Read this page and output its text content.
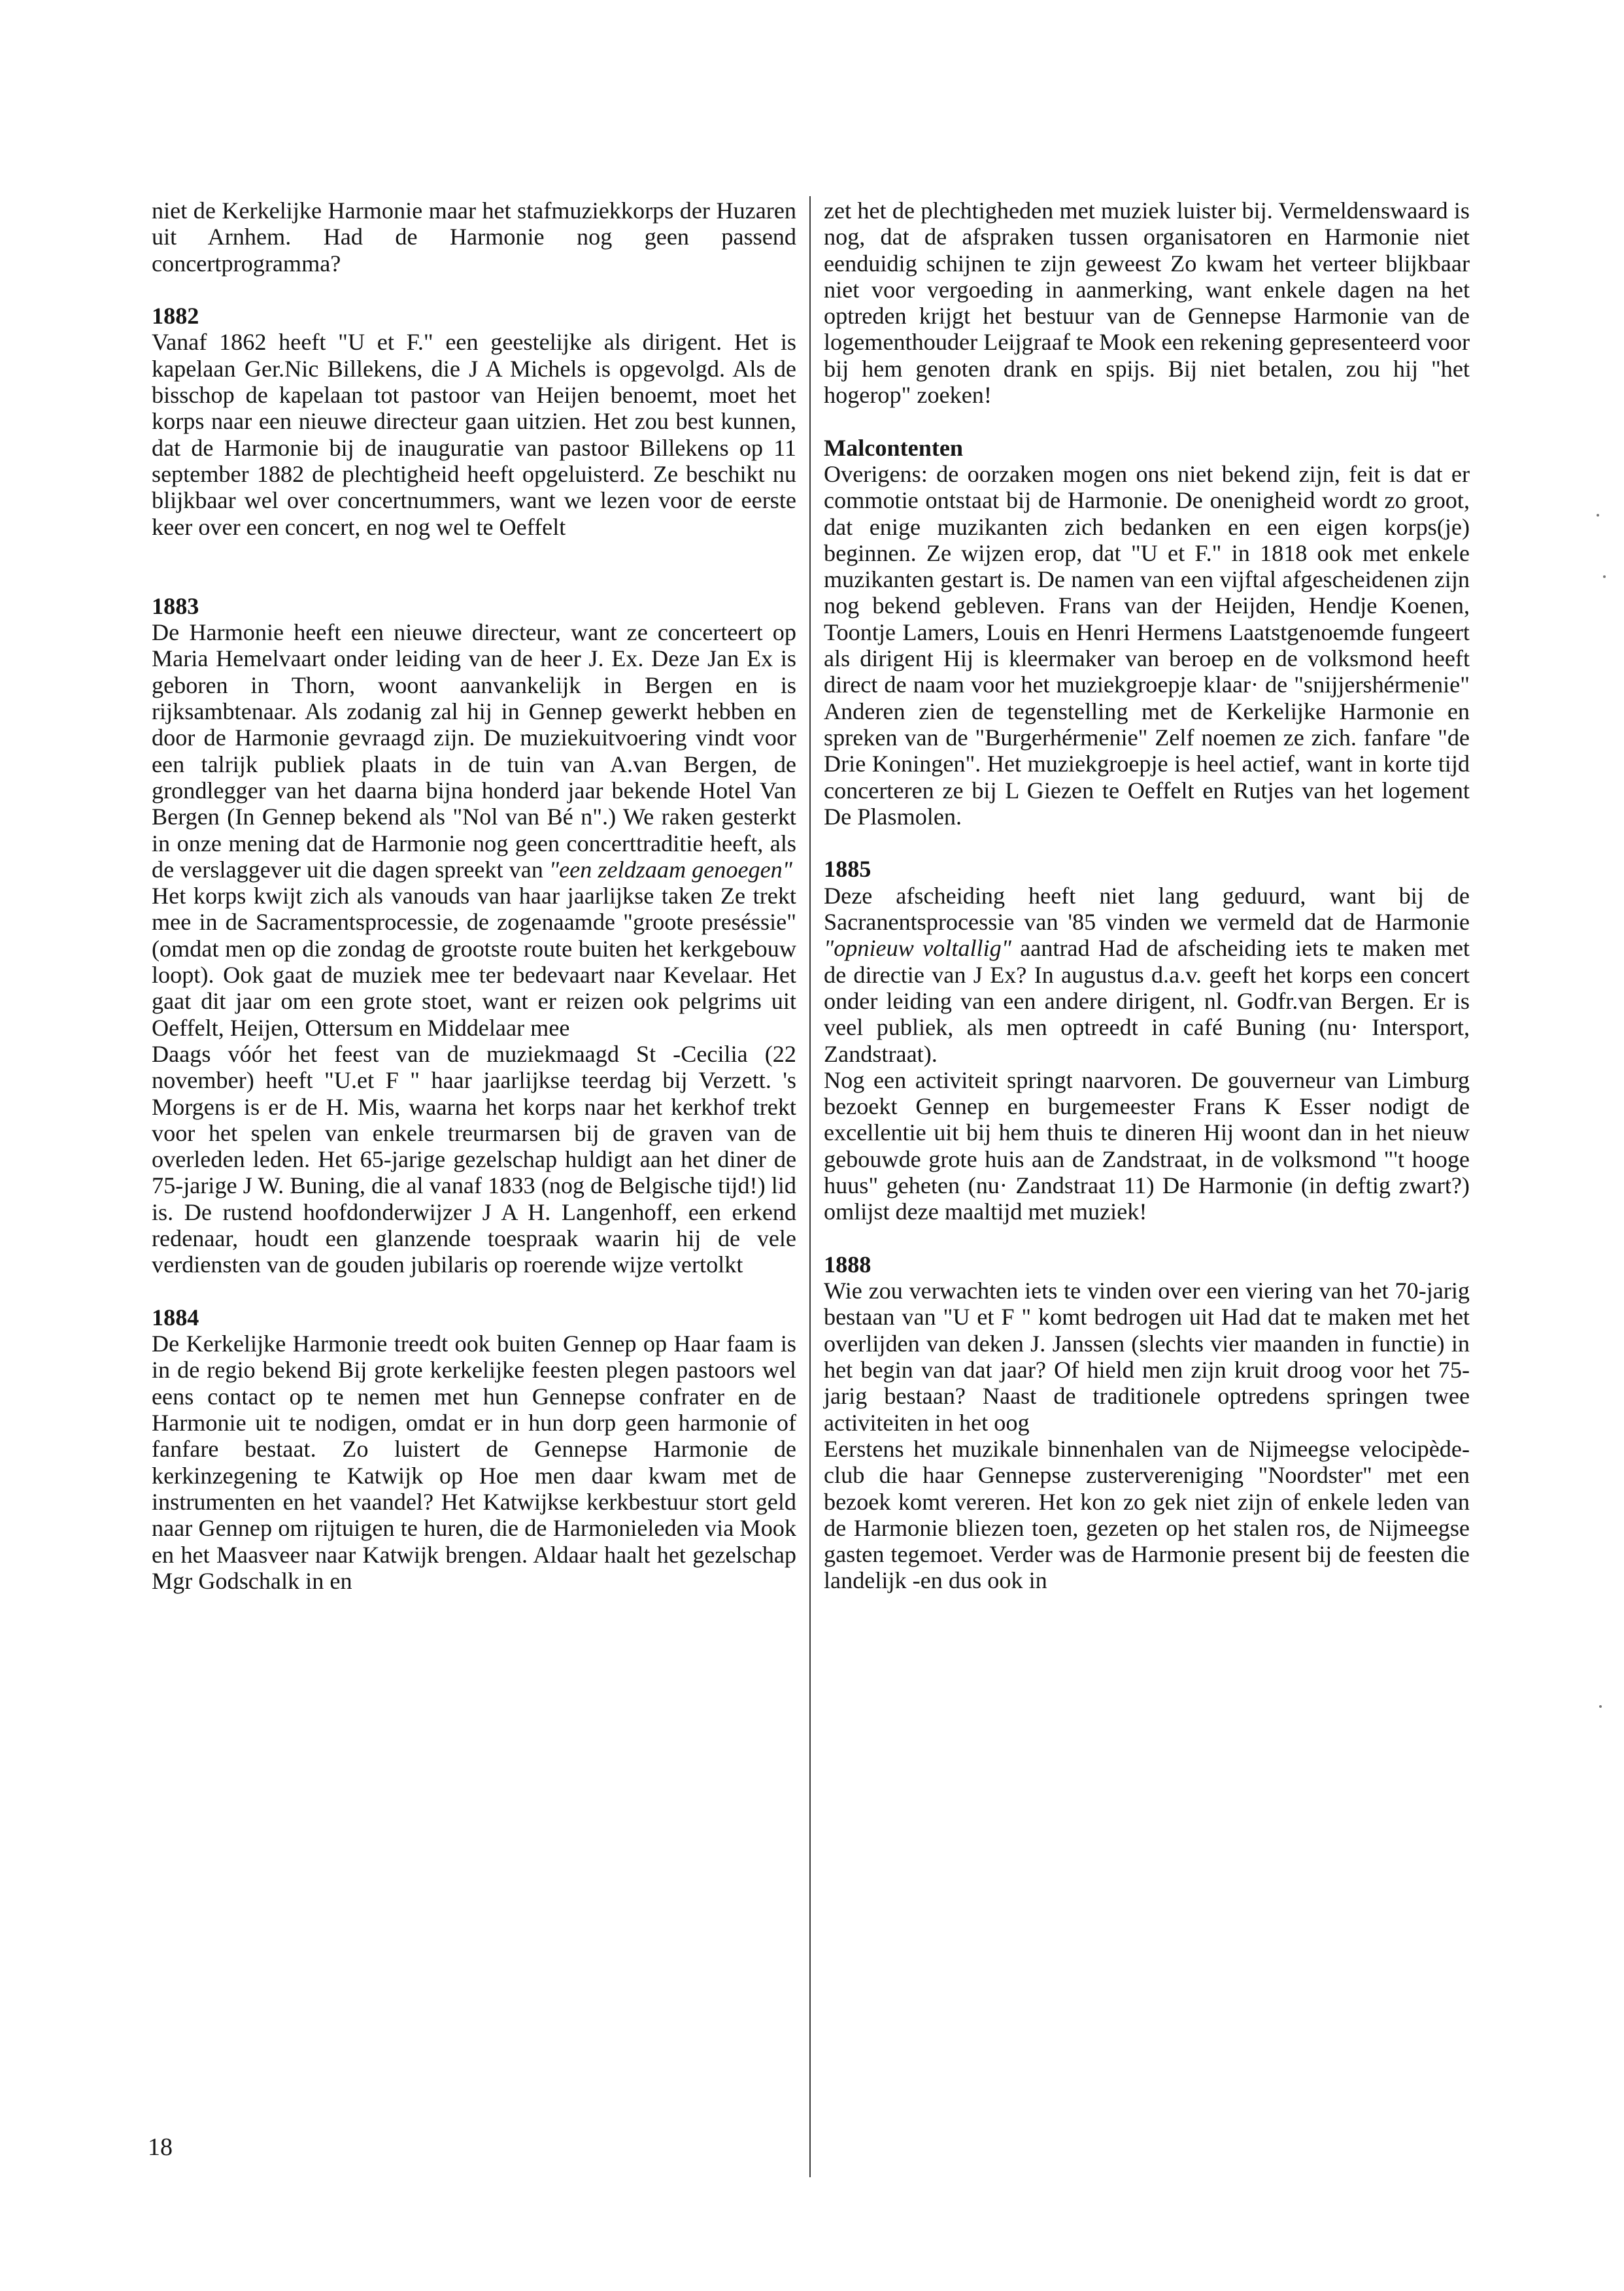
niet de Kerkelijke Harmonie maar het stafmuziekkorps der Huzaren uit Arnhem. Had de Harmonie nog geen passend concertprogramma?

1882

Vanaf 1862 heeft "U et F." een geestelijke als dirigent. Het is kapelaan Ger.Nic Billekens, die J A Michels is opgevolgd. Als de bisschop de kapelaan tot pastoor van Heijen benoemt, moet het korps naar een nieuwe directeur gaan uitzien. Het zou best kunnen, dat de Harmonie bij de inauguratie van pastoor Billekens op 11 september 1882 de plechtigheid heeft opgeluisterd. Ze beschikt nu blijkbaar wel over concertnummers, want we lezen voor de eerste keer over een concert, en nog wel te Oeffelt

1883

De Harmonie heeft een nieuwe directeur, want ze concerteert op Maria Hemelvaart onder leiding van de heer J. Ex. Deze Jan Ex is geboren in Thorn, woont aanvankelijk in Bergen en is rijksambtenaar. Als zodanig zal hij in Gennep gewerkt hebben en door de Harmonie gevraagd zijn. De muziekuitvoering vindt voor een talrijk publiek plaats in de tuin van A.van Bergen, de grondlegger van het daarna bijna honderd jaar bekende Hotel Van Bergen (In Gennep bekend als "Nol van Bé n".) We raken gesterkt in onze mening dat de Harmonie nog geen concerttraditie heeft, als de verslaggever uit die dagen spreekt van "een zeldzaam genoegen"

Het korps kwijt zich als vanouds van haar jaarlijkse taken Ze trekt mee in de Sacramentsprocessie, de zogenaamde "groote preséssie" (omdat men op die zondag de grootste route buiten het kerkgebouw loopt). Ook gaat de muziek mee ter bedevaart naar Kevelaar. Het gaat dit jaar om een grote stoet, want er reizen ook pelgrims uit Oeffelt, Heijen, Ottersum en Middelaar mee

Daags vóór het feest van de muziekmaagd St -Cecilia (22 november) heeft "U.et F " haar jaarlijkse teerdag bij Verzett. 's Morgens is er de H. Mis, waarna het korps naar het kerkhof trekt voor het spelen van enkele treurmarsen bij de graven van de overleden leden. Het 65-jarige gezelschap huldigt aan het diner de 75-jarige J W. Buning, die al vanaf 1833 (nog de Belgische tijd!) lid is. De rustend hoofdonderwijzer J A H. Langenhoff, een erkend redenaar, houdt een glanzende toespraak waarin hij de vele verdiensten van de gouden jubilaris op roerende wijze vertolkt

1884

De Kerkelijke Harmonie treedt ook buiten Gennep op Haar faam is in de regio bekend Bij grote kerkelijke feesten plegen pastoors wel eens contact op te nemen met hun Gennepse confrater en de Harmonie uit te nodigen, omdat er in hun dorp geen harmonie of fanfare bestaat. Zo luistert de Gennepse Harmonie de kerkinzegening te Katwijk op Hoe men daar kwam met de instrumenten en het vaandel? Het Katwijkse kerkbestuur stort geld naar Gennep om rijtuigen te huren, die de Harmonieleden via Mook en het Maasveer naar Katwijk brengen. Aldaar haalt het gezelschap Mgr Godschalk in en

zet het de plechtigheden met muziek luister bij. Vermeldenswaard is nog, dat de afspraken tussen organisatoren en Harmonie niet eenduidig schijnen te zijn geweest Zo kwam het verteer blijkbaar niet voor vergoeding in aanmerking, want enkele dagen na het optreden krijgt het bestuur van de Gennepse Harmonie van de logementhouder Leijgraaf te Mook een rekening gepresenteerd voor bij hem genoten drank en spijs. Bij niet betalen, zou hij "het hogerop" zoeken!

Malcontenten

Overigens: de oorzaken mogen ons niet bekend zijn, feit is dat er commotie ontstaat bij de Harmonie. De onenigheid wordt zo groot, dat enige muzikanten zich bedanken en een eigen korps(je) beginnen. Ze wijzen erop, dat "U et F." in 1818 ook met enkele muzikanten gestart is. De namen van een vijftal afgescheidenen zijn nog bekend gebleven. Frans van der Heijden, Hendje Koenen, Toontje Lamers, Louis en Henri Hermens Laatstgenoemde fungeert als dirigent Hij is kleermaker van beroep en de volksmond heeft direct de naam voor het muziekgroepje klaar· de "snijjershérmenie" Anderen zien de tegenstelling met de Kerkelijke Harmonie en spreken van de "Burgerhérmenie" Zelf noemen ze zich. fanfare "de Drie Koningen". Het muziekgroepje is heel actief, want in korte tijd concerteren ze bij L Giezen te Oeffelt en Rutjes van het logement De Plasmolen.

1885

Deze afscheiding heeft niet lang geduurd, want bij de Sacranentsprocessie van '85 vinden we vermeld dat de Harmonie "opnieuw voltallig" aantrad Had de afscheiding iets te maken met de directie van J Ex? In augustus d.a.v. geeft het korps een concert onder leiding van een andere dirigent, nl. Godfr.van Bergen. Er is veel publiek, als men optreedt in café Buning (nu· Intersport, Zandstraat).

Nog een activiteit springt naarvoren. De gouverneur van Limburg bezoekt Gennep en burgemeester Frans K Esser nodigt de excellentie uit bij hem thuis te dineren Hij woont dan in het nieuw gebouwde grote huis aan de Zandstraat, in de volksmond "'t hooge huus" geheten (nu· Zandstraat 11) De Harmonie (in deftig zwart?) omlijst deze maaltijd met muziek!

1888

Wie zou verwachten iets te vinden over een viering van het 70-jarig bestaan van "U et F " komt bedrogen uit Had dat te maken met het overlijden van deken J. Janssen (slechts vier maanden in functie) in het begin van dat jaar? Of hield men zijn kruit droog voor het 75-jarig bestaan? Naast de traditionele optredens springen twee activiteiten in het oog

Eerstens het muzikale binnenhalen van de Nijmeegse velocipède-club die haar Gennepse zustervereniging "Noordster" met een bezoek komt vereren. Het kon zo gek niet zijn of enkele leden van de Harmonie bliezen toen, gezeten op het stalen ros, de Nijmeegse gasten tegemoet. Verder was de Harmonie present bij de feesten die landelijk -en dus ook in

18
